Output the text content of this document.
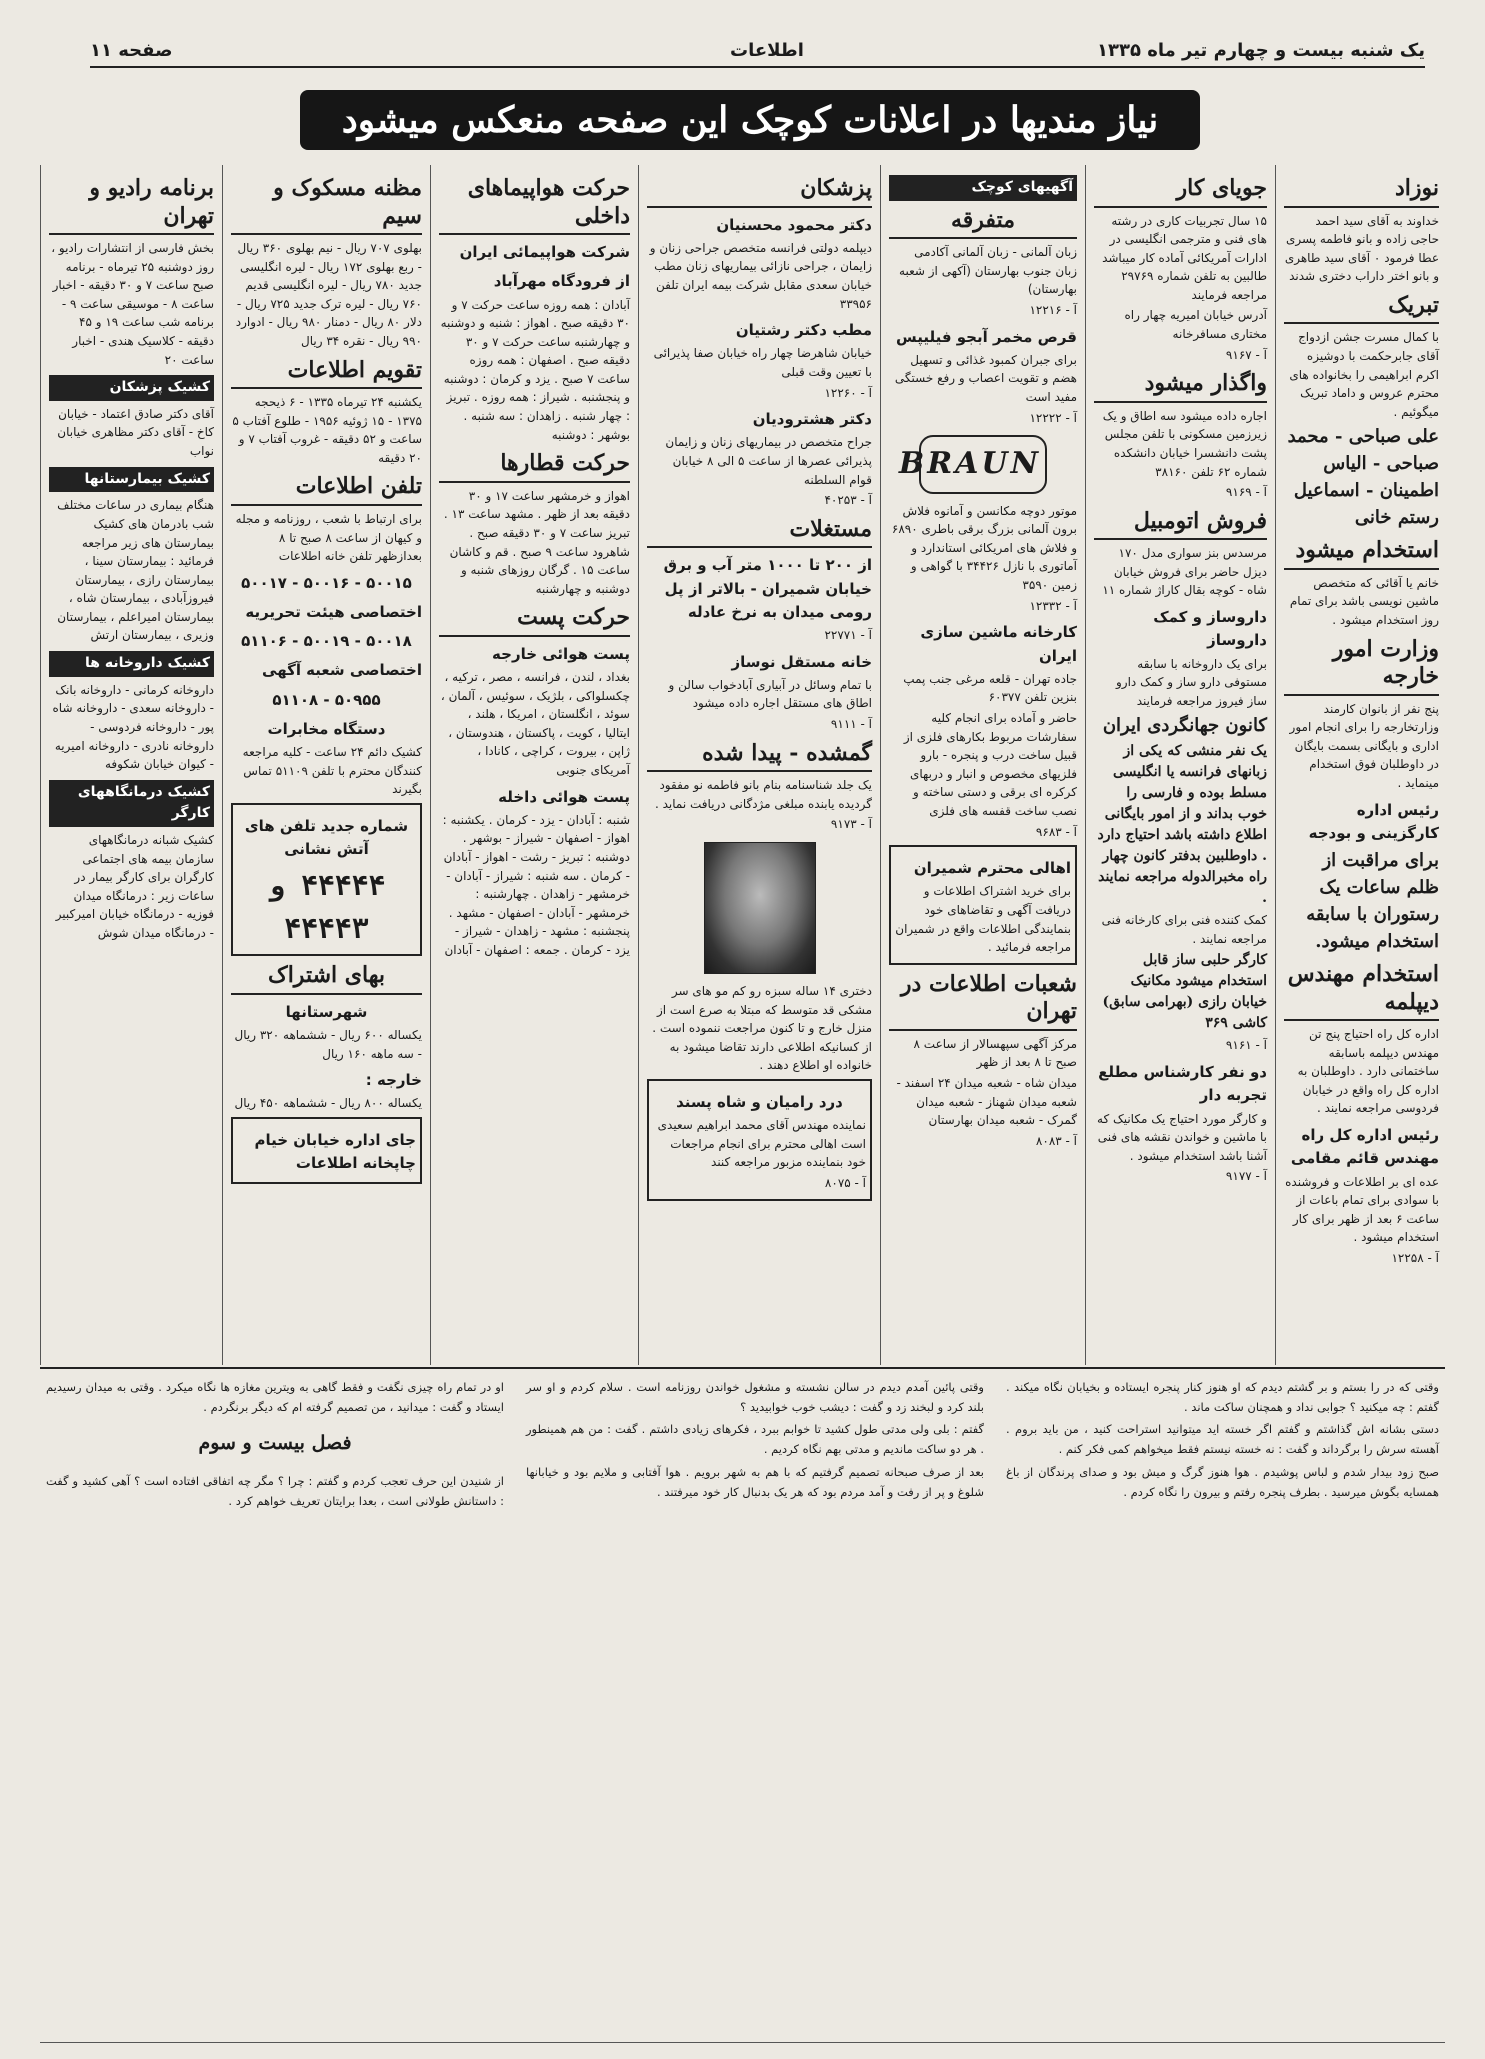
صفحه ۱۱	اطلاعات	یک شنبه بیست و چهارم تیر ماه ۱۳۳۵
نیاز مندیها در اعلانات کوچک این صفحه منعکس میشود
نوزاد

خداوند به آقای سید احمد حاجی زاده و بانو فاطمه پسری عطا فرمود ۰ آقای سید طاهری و بانو اختر داراب دختری شدند

تبریک

با کمال مسرت جشن ازدواج آقای جابرحکمت با دوشیزه اکرم ابراهیمی را بخانواده های محترم عروس و داماد تبریک میگوئیم .

علی صباحی - محمد صباحی - الیاس اطمینان - اسماعیل رستم خانی

استخدام میشود

خانم یا آقائی که متخصص ماشین نویسی باشد برای تمام روز استخدام میشود .

وزارت امور خارجه

پنج نفر از بانوان کارمند وزارتخارجه را برای انجام امور اداری و بایگانی بسمت بایگان در داوطلبان فوق استخدام مینماید .

رئیس اداره کارگزینی و بودجه

برای مراقبت از ظلم ساعات یک رستوران با سابقه استخدام میشود.

استخدام مهندس دیپلمه

اداره کل راه احتیاج پنج تن مهندس دیپلمه باسابقه ساختمانی دارد . داوطلبان به اداره کل راه واقع در خیابان فردوسی مراجعه نمایند .

رئیس اداره کل راه مهندس قائم مقامی

عده ای بر اطلاعات و فروشنده با سوادی برای تمام باعات از ساعت ۶ بعد از ظهر برای کار استخدام میشود .

آ - ۱۲۲۵۸

جویای کار

۱۵ سال تجربیات کاری در رشته های فنی و مترجمی انگلیسی در ادارات آمریکائی آماده کار میباشد طالبین به تلفن شماره ۲۹۷۶۹ مراجعه فرمایند

آدرس خیابان امیریه چهار راه مختاری مسافرخانه

آ - ۹۱۶۷

واگذار میشود

اجاره داده میشود سه اطاق و یک زیرزمین مسکونی با تلفن مجلس پشت دانشسرا خیابان دانشکده شماره ۶۲ تلفن ۳۸۱۶۰

آ - ۹۱۶۹

فروش اتومبیل

مرسدس بنز سواری مدل ۱۷۰ دیزل حاضر برای فروش خیابان شاه - کوچه بقال کاراژ شماره ۱۱

داروساز و کمک داروساز

برای یک داروخانه با سابقه مستوفی دارو ساز و کمک دارو ساز فیروز مراجعه فرمایند

کانون جهانگردی ایران

یک نفر منشی که یکی از زبانهای فرانسه یا انگلیسی مسلط بوده و فارسی را خوب بداند و از امور بایگانی اطلاع داشته باشد احتیاج دارد . داوطلبین بدفتر کانون چهار راه مخبرالدوله مراجعه نمایند .

کمک کننده فنی برای کارخانه فنی مراجعه نمایند .

کارگر حلبی ساز قابل استخدام میشود مکانیک خیابان رازی (بهرامی سابق) کاشی ۳۶۹

آ - ۹۱۶۱

دو نفر کارشناس مطلع تجربه دار

و کارگر مورد احتیاج یک مکانیک که با ماشین و خواندن نقشه های فنی آشنا باشد استخدام میشود .

آ - ۹۱۷۷

آگهیهای کوچک
متفرقه

زبان آلمانی - زبان آلمانی آکادمی زبان جنوب بهارستان (آکهی از شعبه بهارستان)

آ - ۱۲۲۱۶

قرص مخمر آبجو فیلیپس

برای جبران کمبود غذائی و تسهیل هضم و تقویت اعصاب و رفع خستگی مفید است

آ - ۱۲۲۲۲

BRAUN

موتور دوچه مکانسن و آمانوه فلاش برون آلمانی بزرگ برقی باطری ۶۸۹۰ و فلاش های امریکائی استاندارد و آماتوری با نازل ۳۴۴۲۶ با گواهی و زمین ۳۵۹۰

آ - ۱۲۳۳۲

کارخانه ماشین سازی ایران

جاده تهران - قلعه مرغی جنب پمپ بنزین تلفن ۶۰۳۷۷

حاضر و آماده برای انجام کلیه سفارشات مربوط بکارهای فلزی از قبیل ساخت درب و پنجره - بارو فلزیهای مخصوص و انبار و دربهای کرکره ای برقی و دستی ساخته و نصب ساخت قفسه های فلزی

آ - ۹۶۸۳

اهالی محترم شمیران

برای خرید اشتراک اطلاعات و دریافت آگهی و تقاضاهای خود بنمایندگی اطلاعات واقع در شمیران مراجعه فرمائید .

شعبات اطلاعات در تهران

مرکز آگهی سپهسالار از ساعت ۸ صبح تا ۸ بعد از ظهر

میدان شاه - شعبه میدان ۲۴ اسفند - شعبه میدان شهناز - شعبه میدان گمرک - شعبه میدان بهارستان

آ - ۸۰۸۳

پزشکان

دکتر محمود محسنیان

دیپلمه دولتی فرانسه متخصص جراحی زنان و زایمان ، جراحی نازائی بیماریهای زنان مطب خیابان سعدی مقابل شرکت بیمه ایران تلفن ۳۳۹۵۶

مطب دکتر رشتیان

خیابان شاهرضا چهار راه خیابان صفا پذیرائی با تعیین وقت قبلی

آ - ۱۲۲۶۰

دکتر هشترودیان

جراح متخصص در بیماریهای زنان و زایمان پذیرائی عصرها از ساعت ۵ الی ۸ خیابان قوام السلطنه

آ - ۴۰۲۵۳

مستغلات

از ۲۰۰ تا ۱۰۰۰ متر آب و برق خیابان شمیران - بالاتر از پل رومی میدان به نرخ عادله

آ - ۲۲۷۷۱

خانه مستقل نوساز

با تمام وسائل در آبیاری آبادخواب سالن و اطاق های مستقل اجاره داده میشود

آ - ۹۱۱۱

گمشده - پیدا شده

یک جلد شناسنامه بنام بانو فاطمه نو مفقود گردیده یابنده مبلغی مژدگانی دریافت نماید .

آ - ۹۱۷۳

دختری ۱۴ ساله سبزه رو کم مو های سر مشکی قد متوسط که مبتلا به صرع است از منزل خارج و تا کنون مراجعت ننموده است . از کسانیکه اطلاعی دارند تقاضا میشود به خانواده او اطلاع دهند .

درد رامیان و شاه پسند

نماینده مهندس آقای محمد ابراهیم سعیدی است اهالی محترم برای انجام مراجعات خود بنماینده مزبور مراجعه کنند

آ - ۸۰۷۵

حرکت هواپیماهای داخلی

شرکت هواپیمائی ایران

از فرودگاه مهرآباد

آبادان : همه روزه ساعت حرکت ۷ و ۳۰ دقیقه صبح . اهواز : شنبه و دوشنبه و چهارشنبه ساعت حرکت ۷ و ۳۰ دقیقه صبح . اصفهان : همه روزه ساعت ۷ صبح . یزد و کرمان : دوشنبه و پنجشنبه . شیراز : همه روزه . تبریز : چهار شنبه . زاهدان : سه شنبه . بوشهر : دوشنبه

حرکت قطارها

اهواز و خرمشهر ساعت ۱۷ و ۳۰ دقیقه بعد از ظهر . مشهد ساعت ۱۳ . تبریز ساعت ۷ و ۳۰ دقیقه صبح . شاهرود ساعت ۹ صبح . قم و کاشان ساعت ۱۵ . گرگان روزهای شنبه و دوشنبه و چهارشنبه

حرکت پست

پست هوائی خارجه

بغداد ، لندن ، فرانسه ، مصر ، ترکیه ، چکسلواکی ، بلژیک ، سوئیس ، آلمان ، سوئد ، انگلستان ، امریکا ، هلند ، ایتالیا ، کویت ، پاکستان ، هندوستان ، ژاپن ، بیروت ، کراچی ، کانادا ، آمریکای جنوبی

پست هوائی داخله

شنبه : آبادان - یزد - کرمان . یکشنبه : اهواز - اصفهان - شیراز - بوشهر . دوشنبه : تبریز - رشت - اهواز - آبادان - کرمان . سه شنبه : شیراز - آبادان - خرمشهر - زاهدان . چهارشنبه : خرمشهر - آبادان - اصفهان - مشهد . پنجشنبه : مشهد - زاهدان - شیراز - یزد - کرمان . جمعه : اصفهان - آبادان

مظنه مسکوک و سیم

بهلوی ۷۰۷ ریال - نیم بهلوی ۳۶۰ ریال - ربع بهلوی ۱۷۲ ریال - لیره انگلیسی جدید ۷۸۰ ریال - لیره انگلیسی قدیم ۷۶۰ ریال - لیره ترک جدید ۷۲۵ ریال - دلار ۸۰ ریال - دمنار ۹۸۰ ریال - ادوارد ۹۹۰ ریال - نقره ۳۴ ریال

تقویم اطلاعات

یکشنبه ۲۴ تیرماه ۱۳۳۵ - ۶ ذیحجه ۱۳۷۵ - ۱۵ ژوئیه ۱۹۵۶ - طلوع آفتاب ۵ ساعت و ۵۲ دقیقه - غروب آفتاب ۷ و ۲۰ دقیقه

تلفن اطلاعات

برای ارتباط با شعب ، روزنامه و مجله و کیهان از ساعت ۸ صبح تا ۸ بعدازظهر تلفن خانه اطلاعات

۵۰۰۱۵ - ۵۰۰۱۶ - ۵۰۰۱۷

اختصاصی هیئت تحریریه

۵۰۰۱۸ - ۵۰۰۱۹ - ۵۱۱۰۶

اختصاصی شعبه آگهی

۵۰۹۵۵ - ۵۱۱۰۸

دستگاه مخابرات

کشیک دائم ۲۴ ساعت - کلیه مراجعه کنندگان محترم با تلفن ۵۱۱۰۹ تماس بگیرند

شماره جدید تلفن های آتش نشانی

۴۴۴۴۴ و ۴۴۴۴۳
بهای اشتراک

شهرستانها

یکساله ۶۰۰ ریال - ششماهه ۳۲۰ ریال - سه ماهه ۱۶۰ ریال

خارجه :

یکساله ۸۰۰ ریال - ششماهه ۴۵۰ ریال

جای اداره خیابان خیام چاپخانه اطلاعات

برنامه رادیو و تهران

بخش فارسی از انتشارات رادیو ، روز دوشنبه ۲۵ تیرماه - برنامه صبح ساعت ۷ و ۳۰ دقیقه - اخبار ساعت ۸ - موسیقی ساعت ۹ - برنامه شب ساعت ۱۹ و ۴۵ دقیقه - کلاسیک هندی - اخبار ساعت ۲۰

کشیک پزشکان

آقای دکتر صادق اعتماد - خیابان کاخ - آقای دکتر مظاهری خیابان نواب

کشیک بیمارستانها

هنگام بیماری در ساعات مختلف شب بادرمان های کشیک بیمارستان های زیر مراجعه فرمائید : بیمارستان سینا ، بیمارستان رازی ، بیمارستان فیروزآبادی ، بیمارستان شاه ، بیمارستان امیراعلم ، بیمارستان وزیری ، بیمارستان ارتش

کشیک داروخانه ها

داروخانه کرمانی - داروخانه بانک - داروخانه سعدی - داروخانه شاه پور - داروخانه فردوسی - داروخانه نادری - داروخانه امیریه - کیوان خیابان شکوفه

کشیک درمانگاههای کارگر

کشیک شبانه درمانگاههای سازمان بیمه های اجتماعی کارگران برای کارگر بیمار در ساعات زیر : درمانگاه میدان فوزیه - درمانگاه خیابان امیرکبیر - درمانگاه میدان شوش

وقتی که در را بستم و بر گشتم دیدم که او هنوز کنار پنجره ایستاده و بخیابان نگاه میکند . گفتم : چه میکنید ؟ جوابی نداد و همچنان ساکت ماند .

دستی بشانه اش گذاشتم و گفتم اگر خسته اید میتوانید استراحت کنید ، من باید بروم . آهسته سرش را برگرداند و گفت : نه خسته نیستم فقط میخواهم کمی فکر کنم .

صبح زود بیدار شدم و لباس پوشیدم . هوا هنوز گرگ و میش بود و صدای پرندگان از باغ همسایه بگوش میرسید . بطرف پنجره رفتم و بیرون را نگاه کردم .

وقتی پائین آمدم دیدم در سالن نشسته و مشغول خواندن روزنامه است . سلام کردم و او سر بلند کرد و لبخند زد و گفت : دیشب خوب خوابیدید ؟

گفتم : بلی ولی مدتی طول کشید تا خوابم ببرد ، فکرهای زیادی داشتم . گفت : من هم همینطور . هر دو ساکت ماندیم و مدتی بهم نگاه کردیم .

بعد از صرف صبحانه تصمیم گرفتیم که با هم به شهر برویم . هوا آفتابی و ملایم بود و خیابانها شلوغ و پر از رفت و آمد مردم بود که هر یک بدنبال کار خود میرفتند .

او در تمام راه چیزی نگفت و فقط گاهی به ویترین مغازه ها نگاه میکرد . وقتی به میدان رسیدیم ایستاد و گفت : میدانید ، من تصمیم گرفته ام که دیگر برنگردم .

فصل بیست و سوم

از شنیدن این حرف تعجب کردم و گفتم : چرا ؟ مگر چه اتفاقی افتاده است ؟ آهی کشید و گفت : داستانش طولانی است ، بعدا برایتان تعریف خواهم کرد .
